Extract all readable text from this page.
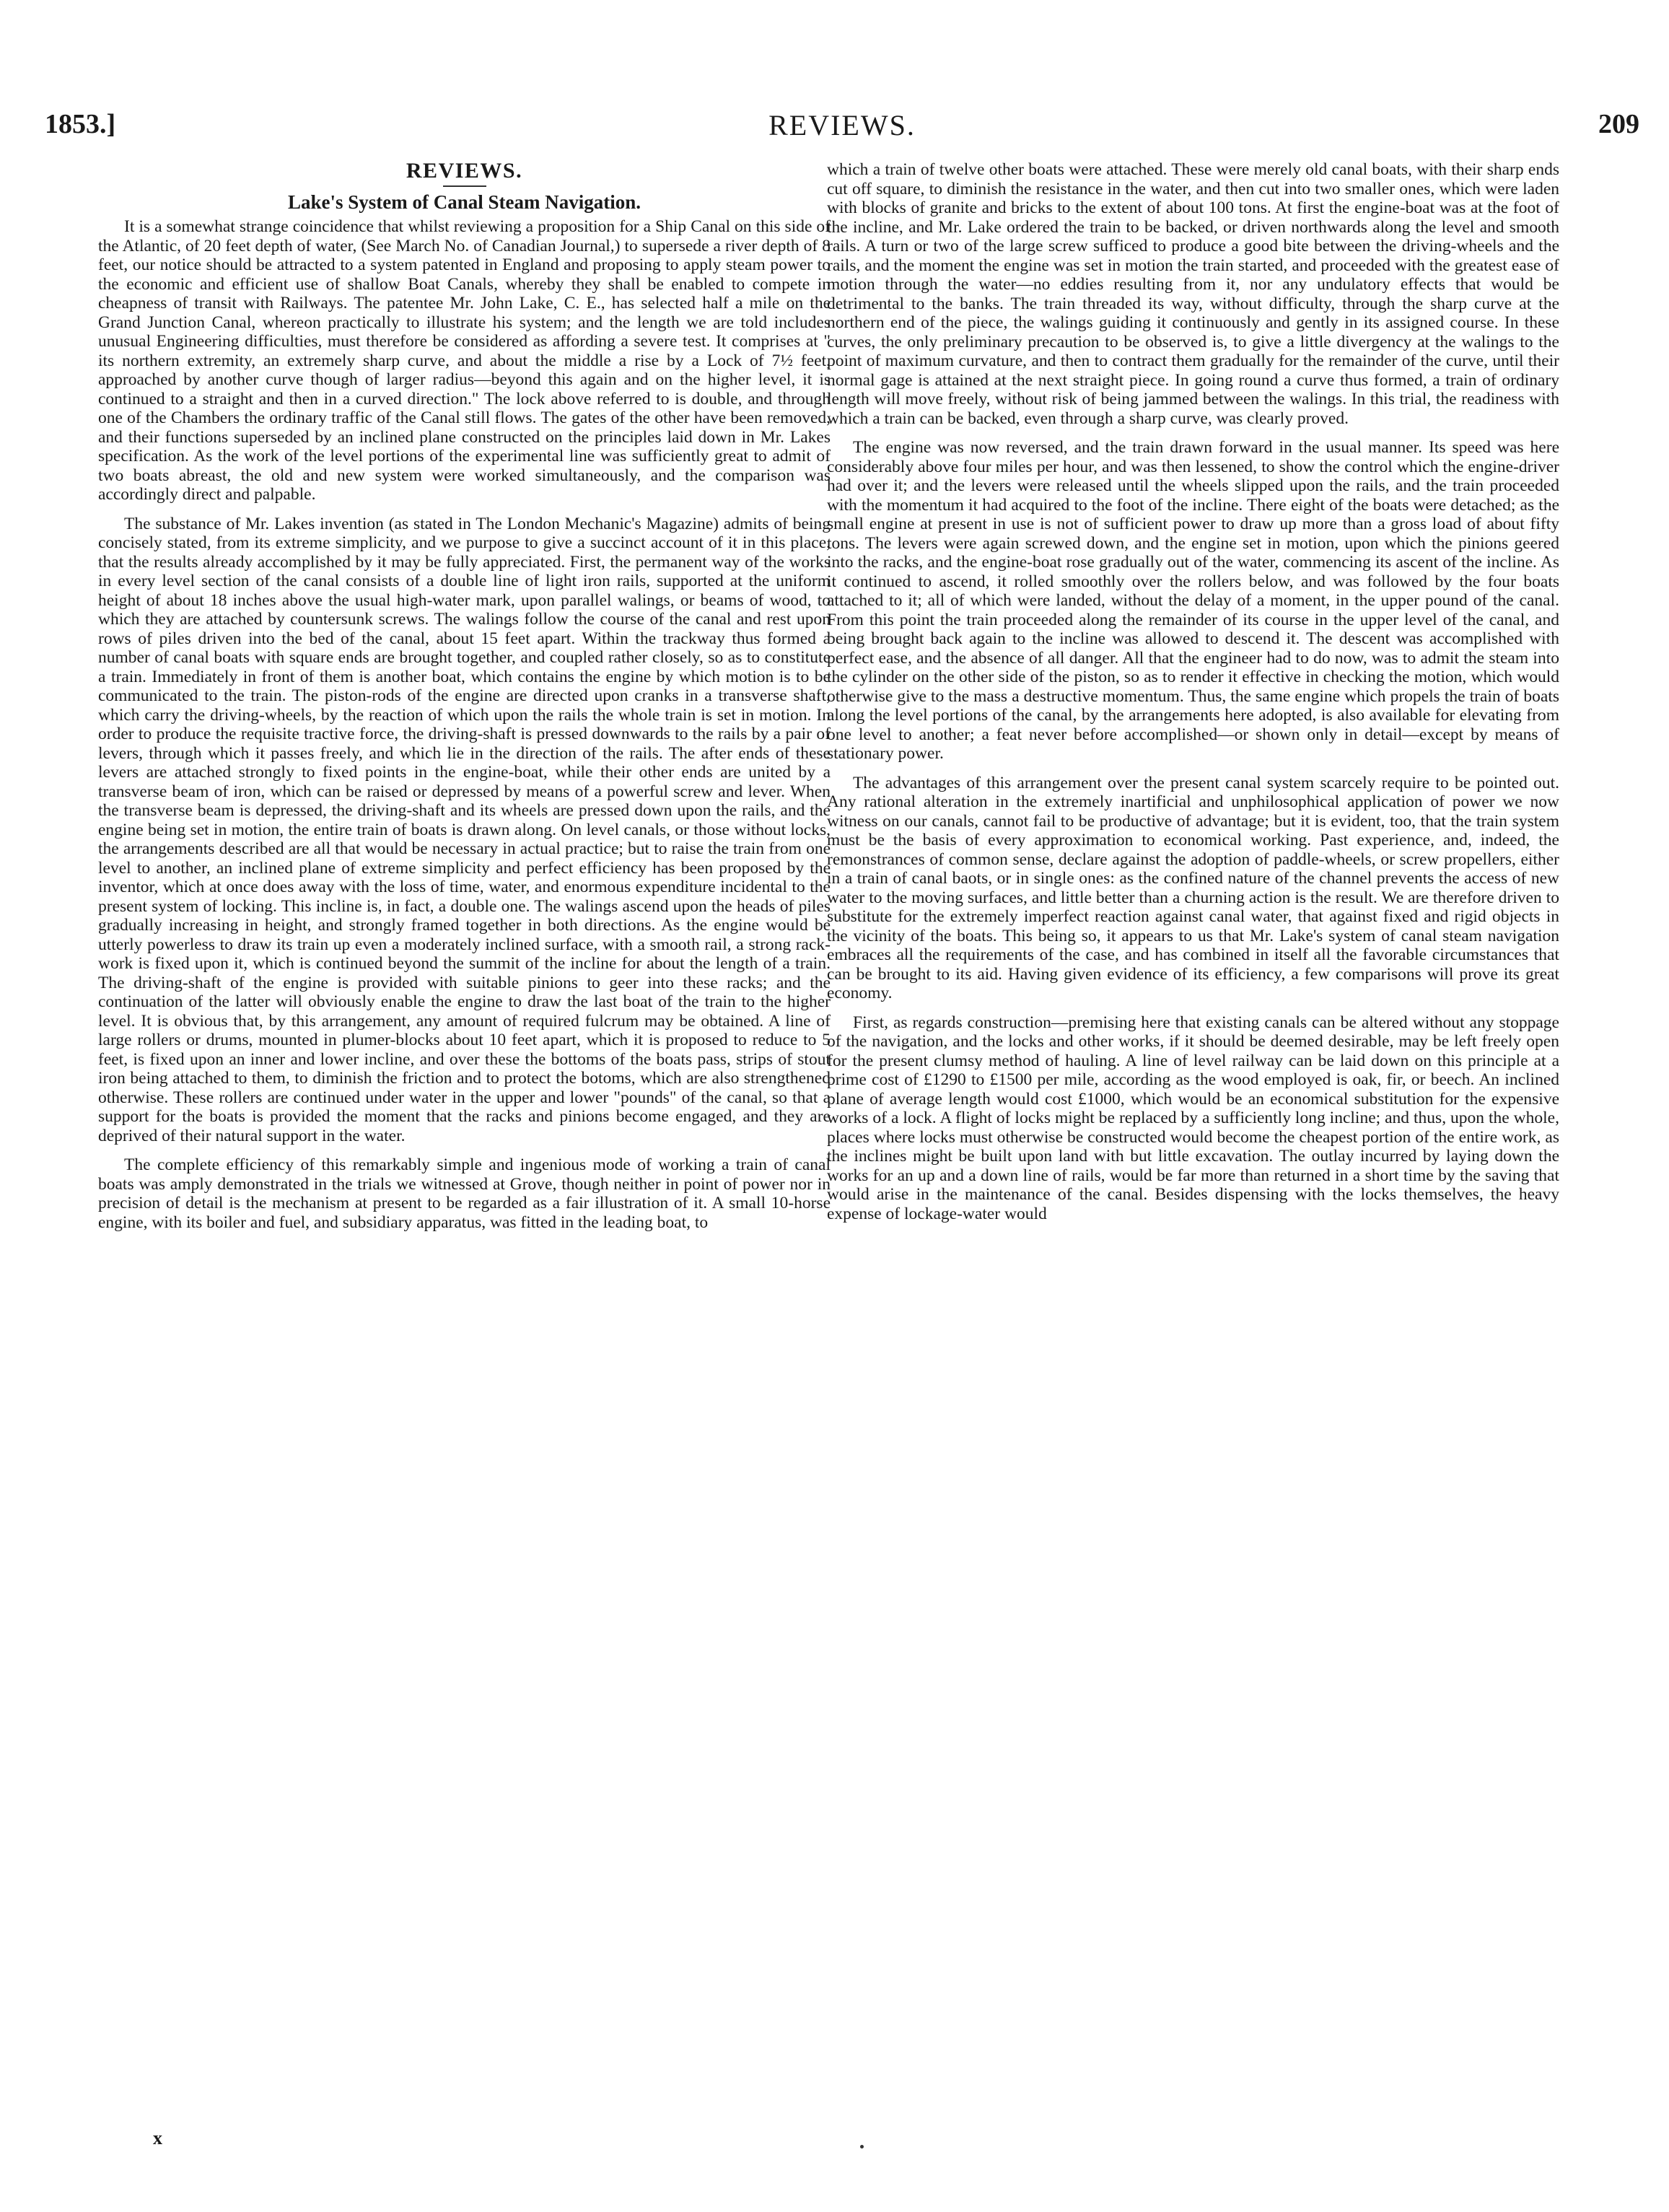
1853.]	REVIEWS.	209
REVIEWS.
Lake's System of Canal Steam Navigation.

It is a somewhat strange coincidence that whilst reviewing a proposition for a Ship Canal on this side of the Atlantic, of 20 feet depth of water, (See March No. of Canadian Journal,) to supersede a river depth of 8 feet, our notice should be attracted to a system patented in England and proposing to apply steam power to the economic and efficient use of shallow Boat Canals, whereby they shall be enabled to compete in cheapness of transit with Railways. The patentee Mr. John Lake, C. E., has selected half a mile on the Grand Junction Canal, whereon practically to illustrate his system; and the length we are told includes unusual Engineering difficulties, must therefore be considered as affording a severe test. It comprises at " its northern extremity, an extremely sharp curve, and about the middle a rise by a Lock of 7½ feet, approached by another curve though of larger radius—beyond this again and on the higher level, it is continued to a straight and then in a curved direction." The lock above referred to is double, and through one of the Chambers the ordinary traffic of the Canal still flows. The gates of the other have been removed, and their functions superseded by an inclined plane constructed on the principles laid down in Mr. Lakes specification. As the work of the level portions of the experimental line was sufficiently great to admit of two boats abreast, the old and new system were worked simultaneously, and the comparison was accordingly direct and palpable.

The substance of Mr. Lakes invention (as stated in The London Mechanic's Magazine) admits of being concisely stated, from its extreme simplicity, and we purpose to give a succinct account of it in this place, that the results already accomplished by it may be fully appreciated. First, the permanent way of the works in every level section of the canal consists of a double line of light iron rails, supported at the uniform height of about 18 inches above the usual high-water mark, upon parallel walings, or beams of wood, to which they are attached by countersunk screws. The walings follow the course of the canal and rest upon rows of piles driven into the bed of the canal, about 15 feet apart. Within the trackway thus formed a number of canal boats with square ends are brought together, and coupled rather closely, so as to constitute a train. Immediately in front of them is another boat, which contains the engine by which motion is to be communicated to the train. The piston-rods of the engine are directed upon cranks in a transverse shaft, which carry the driving-wheels, by the reaction of which upon the rails the whole train is set in motion. In order to produce the requisite tractive force, the driving-shaft is pressed downwards to the rails by a pair of levers, through which it passes freely, and which lie in the direction of the rails. The after ends of these levers are attached strongly to fixed points in the engine-boat, while their other ends are united by a transverse beam of iron, which can be raised or depressed by means of a powerful screw and lever. When the transverse beam is depressed, the driving-shaft and its wheels are pressed down upon the rails, and the engine being set in motion, the entire train of boats is drawn along. On level canals, or those without locks, the arrangements described are all that would be necessary in actual practice; but to raise the train from one level to another, an inclined plane of extreme simplicity and perfect efficiency has been proposed by the inventor, which at once does away with the loss of time, water, and enormous expenditure incidental to the present system of locking. This incline is, in fact, a double one. The walings ascend upon the heads of piles gradually increasing in height, and strongly framed together in both directions. As the engine would be utterly powerless to draw its train up even a moderately inclined surface, with a smooth rail, a strong rack-work is fixed upon it, which is continued beyond the summit of the incline for about the length of a train. The driving-shaft of the engine is provided with suitable pinions to geer into these racks; and the continuation of the latter will obviously enable the engine to draw the last boat of the train to the higher level. It is obvious that, by this arrangement, any amount of required fulcrum may be obtained. A line of large rollers or drums, mounted in plumer-blocks about 10 feet apart, which it is proposed to reduce to 5 feet, is fixed upon an inner and lower incline, and over these the bottoms of the boats pass, strips of stout iron being attached to them, to diminish the friction and to protect the botoms, which are also strengthened otherwise. These rollers are continued under water in the upper and lower "pounds" of the canal, so that a support for the boats is provided the moment that the racks and pinions become engaged, and they are deprived of their natural support in the water.

The complete efficiency of this remarkably simple and ingenious mode of working a train of canal boats was amply demonstrated in the trials we witnessed at Grove, though neither in point of power nor in precision of detail is the mechanism at present to be regarded as a fair illustration of it. A small 10-horse engine, with its boiler and fuel, and subsidiary apparatus, was fitted in the leading boat, to

which a train of twelve other boats were attached. These were merely old canal boats, with their sharp ends cut off square, to diminish the resistance in the water, and then cut into two smaller ones, which were laden with blocks of granite and bricks to the extent of about 100 tons. At first the engine-boat was at the foot of the incline, and Mr. Lake ordered the train to be backed, or driven northwards along the level and smooth rails. A turn or two of the large screw sufficed to produce a good bite between the driving-wheels and the rails, and the moment the engine was set in motion the train started, and proceeded with the greatest ease of motion through the water—no eddies resulting from it, nor any undulatory effects that would be detrimental to the banks. The train threaded its way, without difficulty, through the sharp curve at the northern end of the piece, the walings guiding it continuously and gently in its assigned course. In these curves, the only preliminary precaution to be observed is, to give a little divergency at the walings to the point of maximum curvature, and then to contract them gradually for the remainder of the curve, until their normal gage is attained at the next straight piece. In going round a curve thus formed, a train of ordinary length will move freely, without risk of being jammed between the walings. In this trial, the readiness with which a train can be backed, even through a sharp curve, was clearly proved.

The engine was now reversed, and the train drawn forward in the usual manner. Its speed was here considerably above four miles per hour, and was then lessened, to show the control which the engine-driver had over it; and the levers were released until the wheels slipped upon the rails, and the train proceeded with the momentum it had acquired to the foot of the incline. There eight of the boats were detached; as the small engine at present in use is not of sufficient power to draw up more than a gross load of about fifty tons. The levers were again screwed down, and the engine set in motion, upon which the pinions geered into the racks, and the engine-boat rose gradually out of the water, commencing its ascent of the incline. As it continued to ascend, it rolled smoothly over the rollers below, and was followed by the four boats attached to it; all of which were landed, without the delay of a moment, in the upper pound of the canal. From this point the train proceeded along the remainder of its course in the upper level of the canal, and being brought back again to the incline was allowed to descend it. The descent was accomplished with perfect ease, and the absence of all danger. All that the engineer had to do now, was to admit the steam into the cylinder on the other side of the piston, so as to render it effective in checking the motion, which would otherwise give to the mass a destructive momentum. Thus, the same engine which propels the train of boats along the level portions of the canal, by the arrangements here adopted, is also available for elevating from one level to another; a feat never before accomplished—or shown only in detail—except by means of stationary power.

The advantages of this arrangement over the present canal system scarcely require to be pointed out. Any rational alteration in the extremely inartificial and unphilosophical application of power we now witness on our canals, cannot fail to be productive of advantage; but it is evident, too, that the train system must be the basis of every approximation to economical working. Past experience, and, indeed, the remonstrances of common sense, declare against the adoption of paddle-wheels, or screw propellers, either in a train of canal baots, or in single ones: as the confined nature of the channel prevents the access of new water to the moving surfaces, and little better than a churning action is the result. We are therefore driven to substitute for the extremely imperfect reaction against canal water, that against fixed and rigid objects in the vicinity of the boats. This being so, it appears to us that Mr. Lake's system of canal steam navigation embraces all the requirements of the case, and has combined in itself all the favorable circumstances that can be brought to its aid. Having given evidence of its efficiency, a few comparisons will prove its great economy.

First, as regards construction—premising here that existing canals can be altered without any stoppage of the navigation, and the locks and other works, if it should be deemed desirable, may be left freely open for the present clumsy method of hauling. A line of level railway can be laid down on this principle at a prime cost of £1290 to £1500 per mile, according as the wood employed is oak, fir, or beech. An inclined plane of average length would cost £1000, which would be an economical substitution for the expensive works of a lock. A flight of locks might be replaced by a sufficiently long incline; and thus, upon the whole, places where locks must otherwise be constructed would become the cheapest portion of the entire work, as the inclines might be built upon land with but little excavation. The outlay incurred by laying down the works for an up and a down line of rails, would be far more than returned in a short time by the saving that would arise in the maintenance of the canal. Besides dispensing with the locks themselves, the heavy expense of lockage-water would

x
